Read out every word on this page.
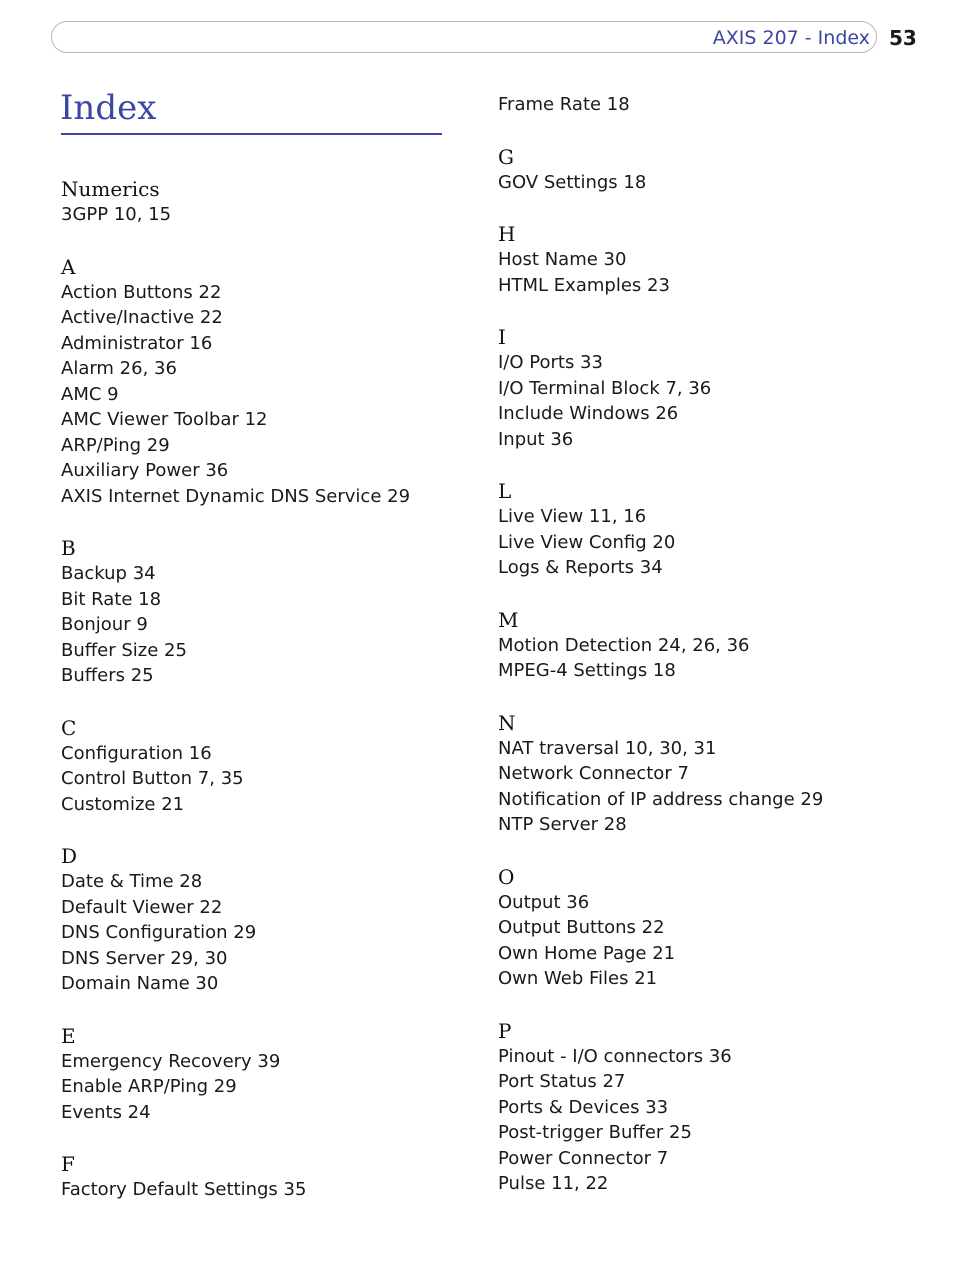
AXIS 207 - Index 53
Index
Numerics
3GPP 10, 15
A
Action Buttons 22
Active/Inactive 22
Administrator 16
Alarm 26, 36
AMC 9
AMC Viewer Toolbar 12
ARP/Ping 29
Auxiliary Power 36
AXIS Internet Dynamic DNS Service 29
B
Backup 34
Bit Rate 18
Bonjour 9
Buffer Size 25
Buffers 25
C
Configuration 16
Control Button 7, 35
Customize 21
D
Date & Time 28
Default Viewer 22
DNS Configuration 29
DNS Server 29, 30
Domain Name 30
E
Emergency Recovery 39
Enable ARP/Ping 29
Events 24
F
Factory Default Settings 35
Frame Rate 18
G
GOV Settings 18
H
Host Name 30
HTML Examples 23
I
I/O Ports 33
I/O Terminal Block 7, 36
Include Windows 26
Input 36
L
Live View 11, 16
Live View Config 20
Logs & Reports 34
M
Motion Detection 24, 26, 36
MPEG-4 Settings 18
N
NAT traversal 10, 30, 31
Network Connector 7
Notification of IP address change 29
NTP Server 28
O
Output 36
Output Buttons 22
Own Home Page 21
Own Web Files 21
P
Pinout - I/O connectors 36
Port Status 27
Ports & Devices 33
Post-trigger Buffer 25
Power Connector 7
Pulse 11, 22
